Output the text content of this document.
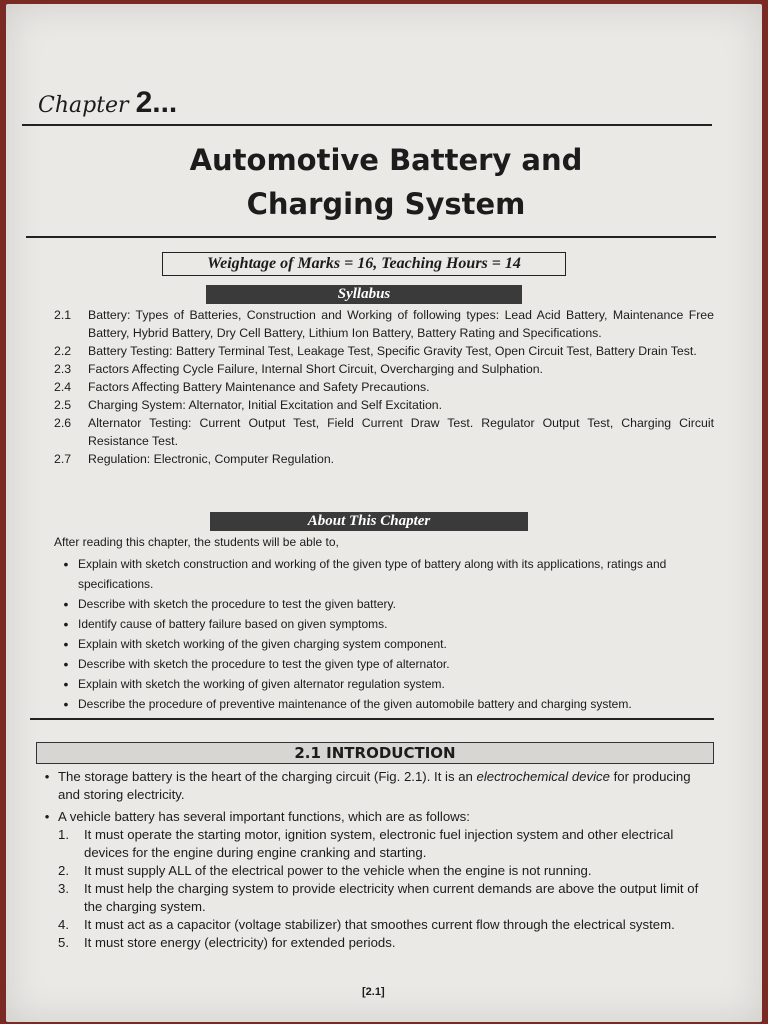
Chapter 2...
Automotive Battery and
Charging System
Weightage of Marks = 16, Teaching Hours = 14
Syllabus
2.1	Battery: Types of Batteries, Construction and Working of following types: Lead Acid Battery, Maintenance Free Battery, Hybrid Battery, Dry Cell Battery, Lithium Ion Battery, Battery Rating and Specifications.
2.2	Battery Testing: Battery Terminal Test, Leakage Test, Specific Gravity Test, Open Circuit Test, Battery Drain Test.
2.3	Factors Affecting Cycle Failure, Internal Short Circuit, Overcharging and Sulphation.
2.4	Factors Affecting Battery Maintenance and Safety Precautions.
2.5	Charging System: Alternator, Initial Excitation and Self Excitation.
2.6	Alternator Testing: Current Output Test, Field Current Draw Test. Regulator Output Test, Charging Circuit Resistance Test.
2.7	Regulation: Electronic, Computer Regulation.
About This Chapter
After reading this chapter, the students will be able to,
• Explain with sketch construction and working of the given type of battery along with its applications, ratings and specifications.
• Describe with sketch the procedure to test the given battery.
• Identify cause of battery failure based on given symptoms.
• Explain with sketch working of the given charging system component.
• Describe with sketch the procedure to test the given type of alternator.
• Explain with sketch the working of given alternator regulation system.
• Describe the procedure of preventive maintenance of the given automobile battery and charging system.
2.1 INTRODUCTION
• The storage battery is the heart of the charging circuit (Fig. 2.1). It is an electrochemical device for producing and storing electricity.
• A vehicle battery has several important functions, which are as follows:
1.	It must operate the starting motor, ignition system, electronic fuel injection system and other electrical devices for the engine during engine cranking and starting.
2.	It must supply ALL of the electrical power to the vehicle when the engine is not running.
3.	It must help the charging system to provide electricity when current demands are above the output limit of the charging system.
4.	It must act as a capacitor (voltage stabilizer) that smoothes current flow through the electrical system.
5.	It must store energy (electricity) for extended periods.
[2.1]
